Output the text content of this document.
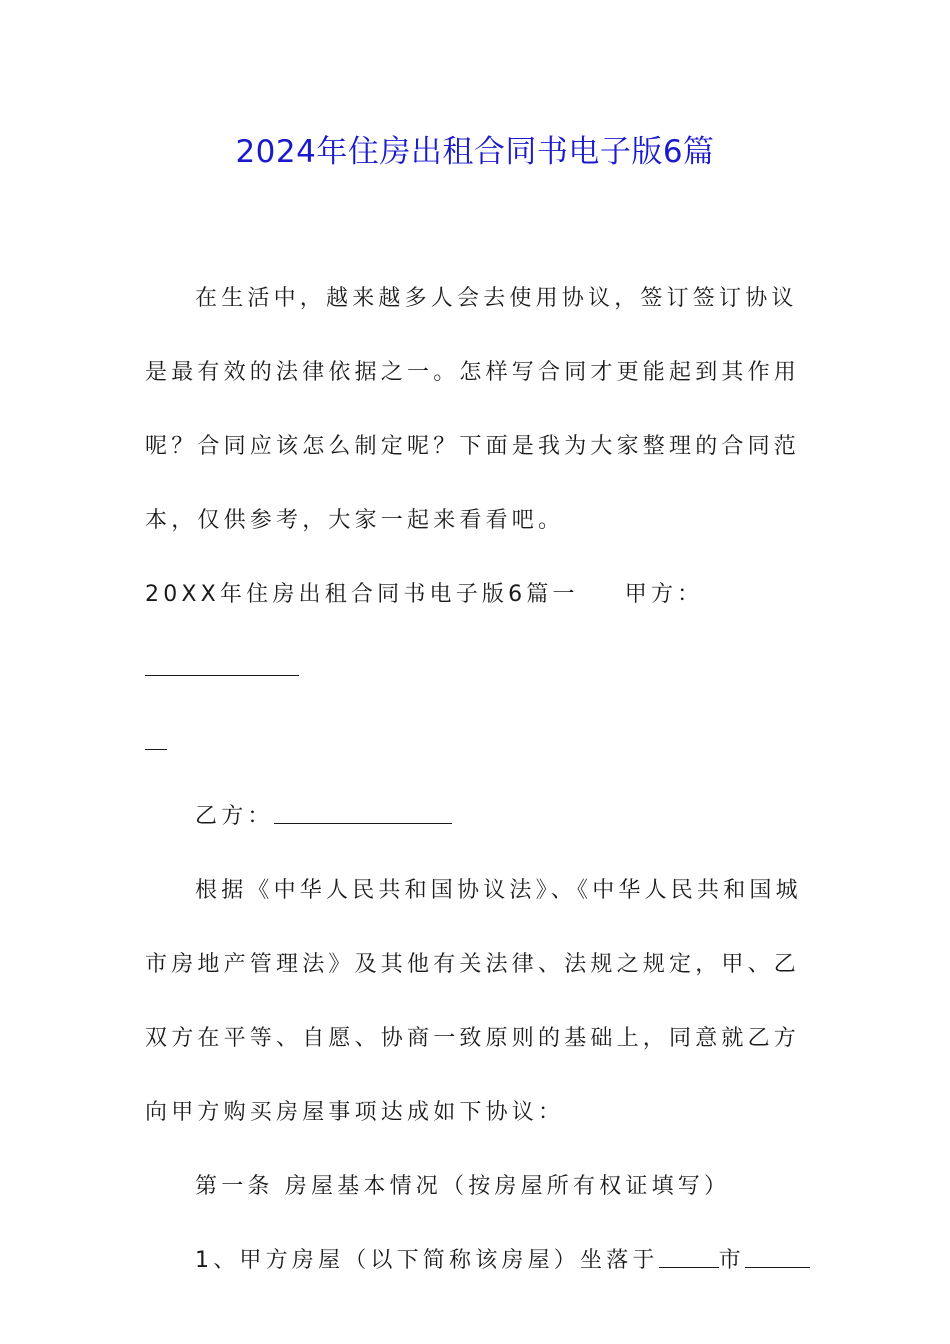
2024年住房出租合同书电子版6篇

在生活中，越来越多人会去使用协议，签订签订协议是最有效的法律依据之一。怎样写合同才更能起到其作用呢？合同应该怎么制定呢？下面是我为大家整理的合同范本，仅供参考，大家一起来看看吧。

20XX年住房出租合同书电子版6篇一 甲方：

乙方：

根据《中华人民共和国协议法》、《中华人民共和国城市房地产管理法》及其他有关法律、法规之规定，甲、乙双方在平等、自愿、协商一致原则的基础上，同意就乙方向甲方购买房屋事项达成如下协议：

第一条 房屋基本情况（按房屋所有权证填写）

1、甲方房屋（以下简称该房屋）坐落于	市
